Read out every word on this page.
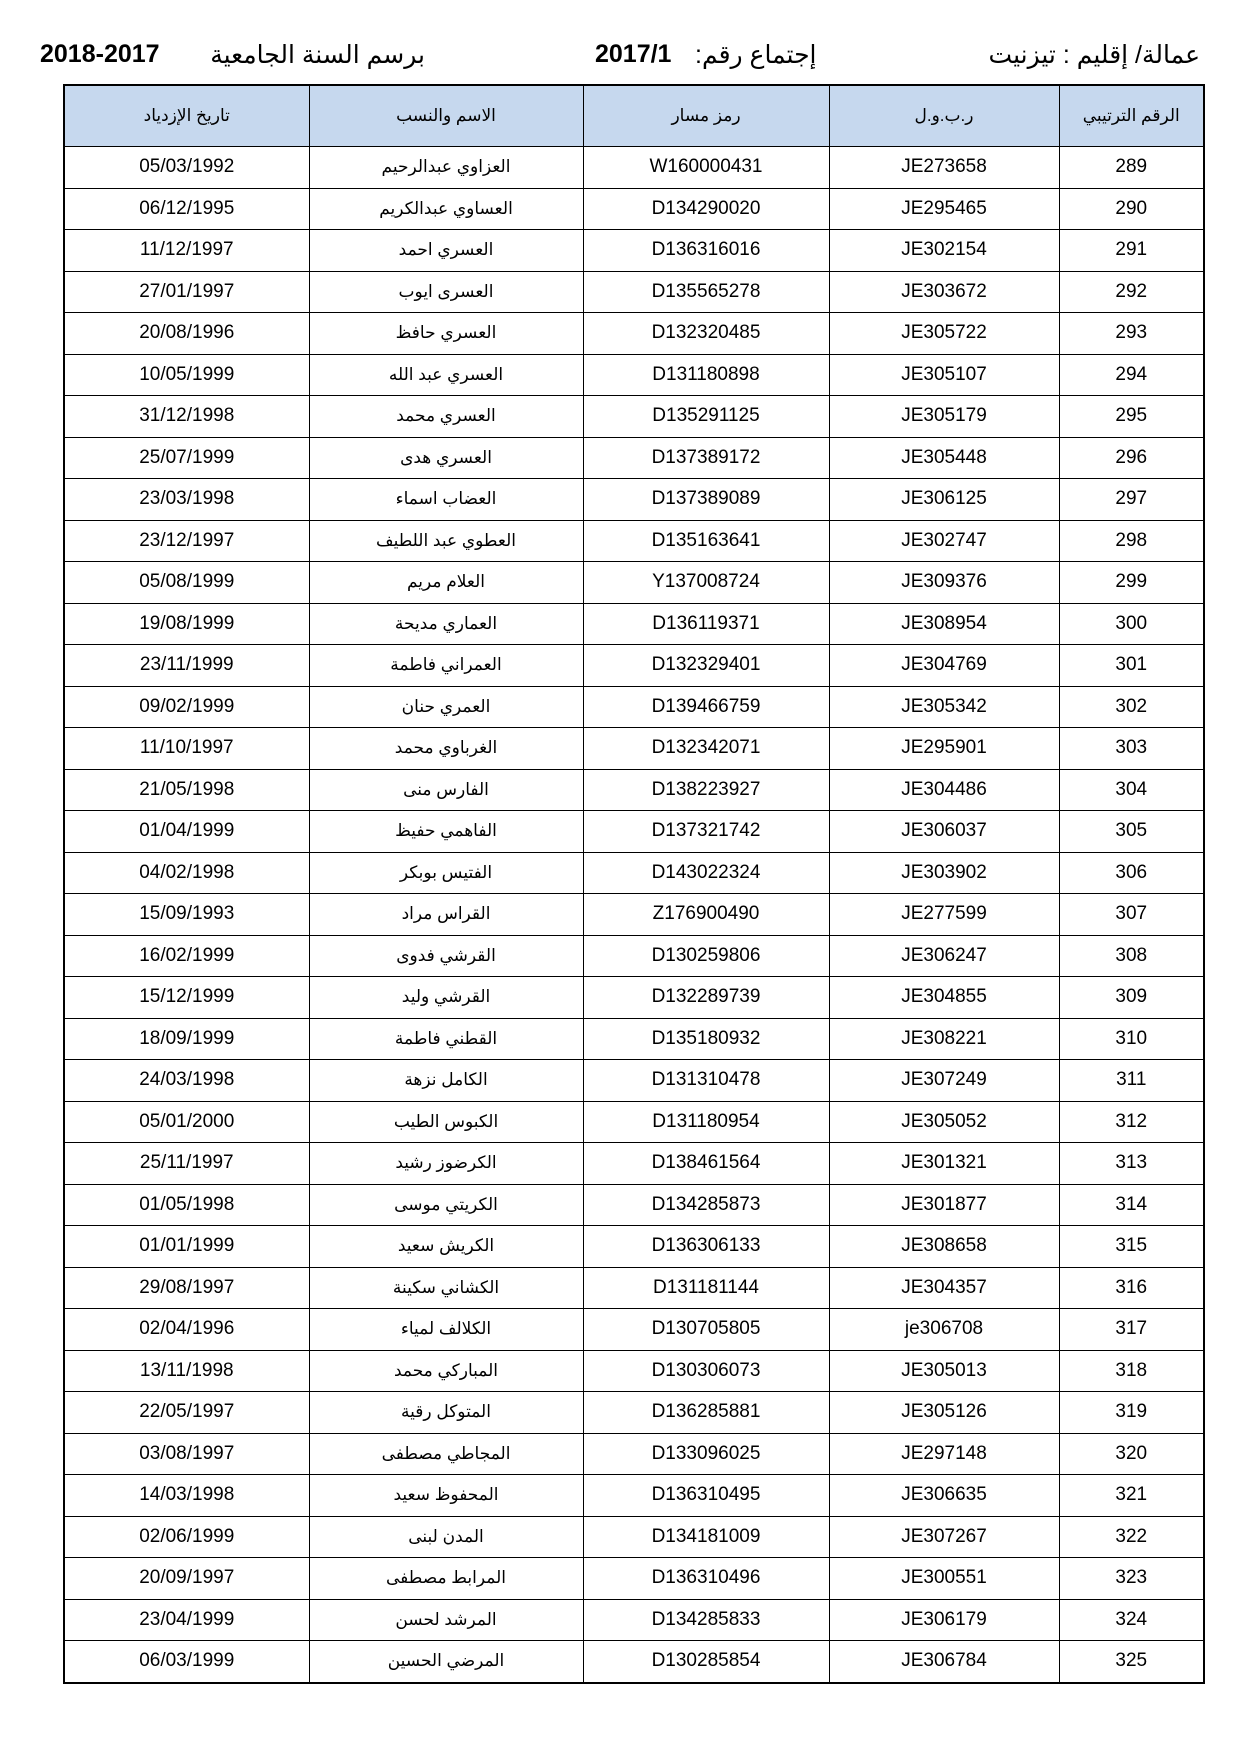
2018-2017	برسم السنة الجامعية	2017/1 إجتماع رقم:	عمالة/ إقليم : تيزنيت
الرقم الترتيبي	ر.ب.و.ل	رمز مسار	الاسم والنسب	تاريخ الإزدياد
289	JE273658	W160000431	العزاوي عبدالرحيم	05/03/1992
290	JE295465	D134290020	العساوي عبدالكريم	06/12/1995
291	JE302154	D136316016	العسري احمد	11/12/1997
292	JE303672	D135565278	العسرى ايوب	27/01/1997
293	JE305722	D132320485	العسري حافظ	20/08/1996
294	JE305107	D131180898	العسري عبد الله	10/05/1999
295	JE305179	D135291125	العسري محمد	31/12/1998
296	JE305448	D137389172	العسري هدى	25/07/1999
297	JE306125	D137389089	العضاب اسماء	23/03/1998
298	JE302747	D135163641	العطوي عبد اللطيف	23/12/1997
299	JE309376	Y137008724	العلام مريم	05/08/1999
300	JE308954	D136119371	العماري مديحة	19/08/1999
301	JE304769	D132329401	العمراني فاطمة	23/11/1999
302	JE305342	D139466759	العمري حنان	09/02/1999
303	JE295901	D132342071	الغرباوي محمد	11/10/1997
304	JE304486	D138223927	الفارس منى	21/05/1998
305	JE306037	D137321742	الفاهمي حفيظ	01/04/1999
306	JE303902	D143022324	الفتيس بوبكر	04/02/1998
307	JE277599	Z176900490	القراس مراد	15/09/1993
308	JE306247	D130259806	القرشي فدوى	16/02/1999
309	JE304855	D132289739	القرشي وليد	15/12/1999
310	JE308221	D135180932	القطني فاطمة	18/09/1999
311	JE307249	D131310478	الكامل نزهة	24/03/1998
312	JE305052	D131180954	الكبوس الطيب	05/01/2000
313	JE301321	D138461564	الكرضوز رشيد	25/11/1997
314	JE301877	D134285873	الكريتي موسى	01/05/1998
315	JE308658	D136306133	الكريش سعيد	01/01/1999
316	JE304357	D131181144	الكشاني سكينة	29/08/1997
317	je306708	D130705805	الكلالف لمياء	02/04/1996
318	JE305013	D130306073	المباركي محمد	13/11/1998
319	JE305126	D136285881	المتوكل رقية	22/05/1997
320	JE297148	D133096025	المجاطي مصطفى	03/08/1997
321	JE306635	D136310495	المحفوظ سعيد	14/03/1998
322	JE307267	D134181009	المدن لبنى	02/06/1999
323	JE300551	D136310496	المرابط مصطفى	20/09/1997
324	JE306179	D134285833	المرشد لحسن	23/04/1999
325	JE306784	D130285854	المرضي الحسين	06/03/1999
